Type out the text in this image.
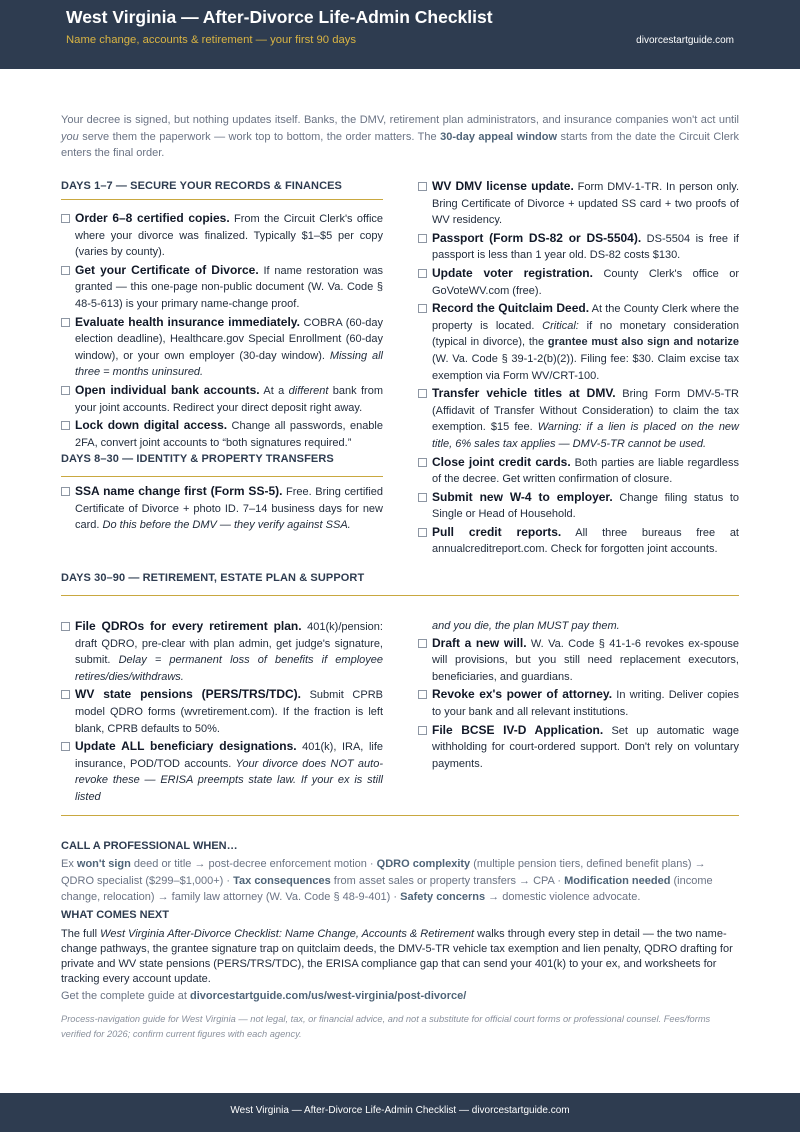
West Virginia — After-Divorce Life-Admin Checklist
Name change, accounts & retirement — your first 90 days	divorcestartguide.com
Your decree is signed, but nothing updates itself. Banks, the DMV, retirement plan administrators, and insurance companies won't act until you serve them the paperwork — work top to bottom, the order matters. The 30-day appeal window starts from the date the Circuit Clerk enters the final order.
DAYS 1–7 — SECURE YOUR RECORDS & FINANCES
Order 6–8 certified copies. From the Circuit Clerk's office where your divorce was finalized. Typically $1–$5 per copy (varies by county).
Get your Certificate of Divorce. If name restoration was granted — this one-page non-public document (W. Va. Code § 48-5-613) is your primary name-change proof.
Evaluate health insurance immediately. COBRA (60-day election deadline), Healthcare.gov Special Enrollment (60-day window), or your own employer (30-day window). Missing all three = months uninsured.
Open individual bank accounts. At a different bank from your joint accounts. Redirect your direct deposit right away.
Lock down digital access. Change all passwords, enable 2FA, convert joint accounts to “both signatures required.”
DAYS 8–30 — IDENTITY & PROPERTY TRANSFERS
SSA name change first (Form SS-5). Free. Bring certified Certificate of Divorce + photo ID. 7–14 business days for new card. Do this before the DMV — they verify against SSA.
WV DMV license update. Form DMV-1-TR. In person only. Bring Certificate of Divorce + updated SS card + two proofs of WV residency.
Passport (Form DS-82 or DS-5504). DS-5504 is free if passport is less than 1 year old. DS-82 costs $130.
Update voter registration. County Clerk's office or GoVoteWV.com (free).
Record the Quitclaim Deed. At the County Clerk where the property is located. Critical: if no monetary consideration (typical in divorce), the grantee must also sign and notarize (W. Va. Code § 39-1-2(b)(2)). Filing fee: $30. Claim excise tax exemption via Form WV/CRT-100.
Transfer vehicle titles at DMV. Bring Form DMV-5-TR (Affidavit of Transfer Without Consideration) to claim the tax exemption. $15 fee. Warning: if a lien is placed on the new title, 6% sales tax applies — DMV-5-TR cannot be used.
Close joint credit cards. Both parties are liable regardless of the decree. Get written confirmation of closure.
Submit new W-4 to employer. Change filing status to Single or Head of Household.
Pull credit reports. All three bureaus free at annualcreditreport.com. Check for forgotten joint accounts.
DAYS 30–90 — RETIREMENT, ESTATE PLAN & SUPPORT
File QDROs for every retirement plan. 401(k)/pension: draft QDRO, pre-clear with plan admin, get judge's signature, submit. Delay = permanent loss of benefits if employee retires/dies/withdraws.
WV state pensions (PERS/TRS/TDC). Submit CPRB model QDRO forms (wvretirement.com). If the fraction is left blank, CPRB defaults to 50%.
Update ALL beneficiary designations. 401(k), IRA, life insurance, POD/TOD accounts. Your divorce does NOT auto-revoke these — ERISA preempts state law. If your ex is still listed
and you die, the plan MUST pay them.
Draft a new will. W. Va. Code § 41-1-6 revokes ex-spouse will provisions, but you still need replacement executors, beneficiaries, and guardians.
Revoke ex's power of attorney. In writing. Deliver copies to your bank and all relevant institutions.
File BCSE IV-D Application. Set up automatic wage withholding for court-ordered support. Don't rely on voluntary payments.
CALL A PROFESSIONAL WHEN…
Ex won't sign deed or title → post-decree enforcement motion · QDRO complexity (multiple pension tiers, defined benefit plans) → QDRO specialist ($299–$1,000+) · Tax consequences from asset sales or property transfers → CPA · Modification needed (income change, relocation) → family law attorney (W. Va. Code § 48-9-401) · Safety concerns → domestic violence advocate.
WHAT COMES NEXT
The full West Virginia After-Divorce Checklist: Name Change, Accounts & Retirement walks through every step in detail — the two name-change pathways, the grantee signature trap on quitclaim deeds, the DMV-5-TR vehicle tax exemption and lien penalty, QDRO drafting for private and WV state pensions (PERS/TRS/TDC), the ERISA compliance gap that can send your 401(k) to your ex, and worksheets for tracking every account update.
Get the complete guide at divorcestartguide.com/us/west-virginia/post-divorce/
Process-navigation guide for West Virginia — not legal, tax, or financial advice, and not a substitute for official court forms or professional counsel. Fees/forms verified for 2026; confirm current figures with each agency.
West Virginia — After-Divorce Life-Admin Checklist — divorcestartguide.com
